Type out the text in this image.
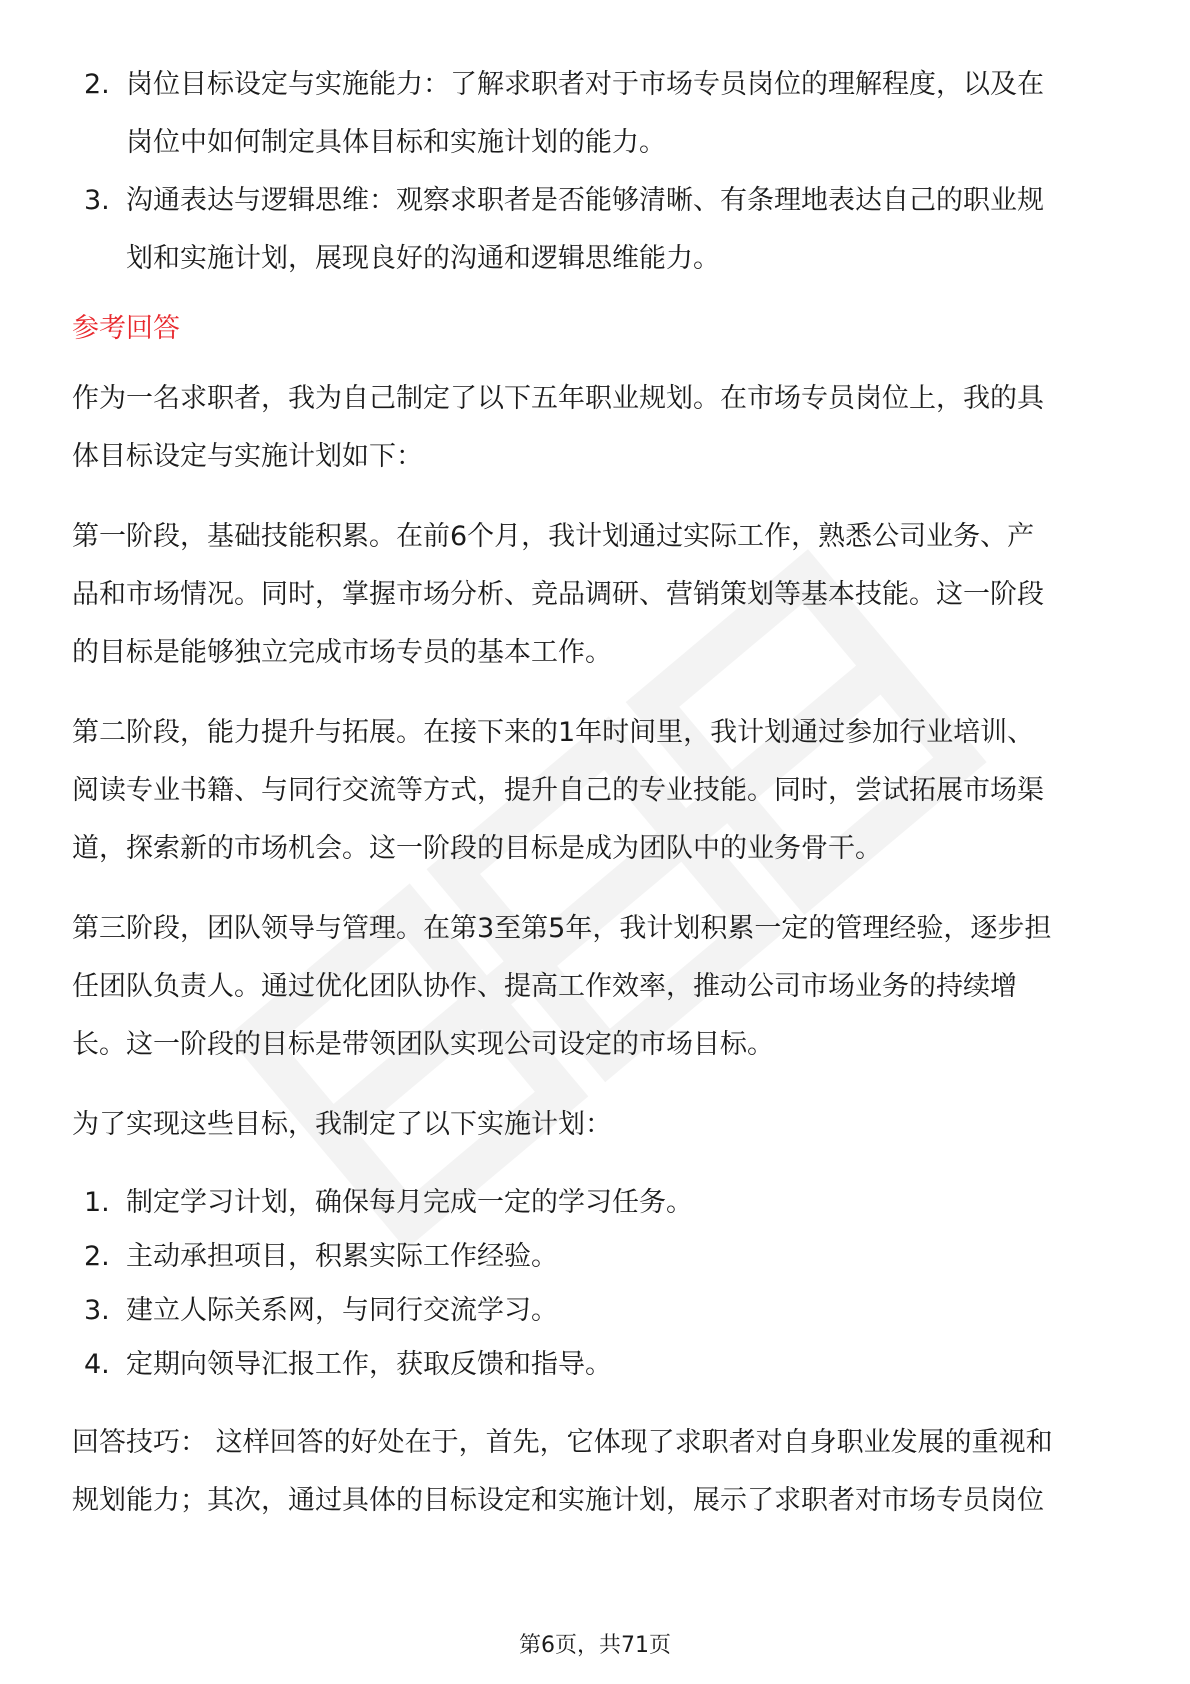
2. 岗位目标设定与实施能力：了解求职者对于市场专员岗位的理解程度，以及在
岗位中如何制定具体目标和实施计划的能力。
3. 沟通表达与逻辑思维：观察求职者是否能够清晰、有条理地表达自己的职业规
划和实施计划，展现良好的沟通和逻辑思维能力。

参考回答

作为一名求职者，我为自己制定了以下五年职业规划。在市场专员岗位上，我的具

体目标设定与实施计划如下：

第一阶段，基础技能积累。在前6个月，我计划通过实际工作，熟悉公司业务、产

品和市场情况。同时，掌握市场分析、竞品调研、营销策划等基本技能。这一阶段

的目标是能够独立完成市场专员的基本工作。

第二阶段，能力提升与拓展。在接下来的1年时间里，我计划通过参加行业培训、

阅读专业书籍、与同行交流等方式，提升自己的专业技能。同时，尝试拓展市场渠

道，探索新的市场机会。这一阶段的目标是成为团队中的业务骨干。

第三阶段，团队领导与管理。在第3至第5年，我计划积累一定的管理经验，逐步担

任团队负责人。通过优化团队协作、提高工作效率，推动公司市场业务的持续增

长。这一阶段的目标是带领团队实现公司设定的市场目标。

为了实现这些目标，我制定了以下实施计划：

1. 制定学习计划，确保每月完成一定的学习任务。
2. 主动承担项目，积累实际工作经验。
3. 建立人际关系网，与同行交流学习。
4. 定期向领导汇报工作，获取反馈和指导。

回答技巧： 这样回答的好处在于，首先，它体现了求职者对自身职业发展的重视和

规划能力；其次，通过具体的目标设定和实施计划，展示了求职者对市场专员岗位

第6页，共71页
